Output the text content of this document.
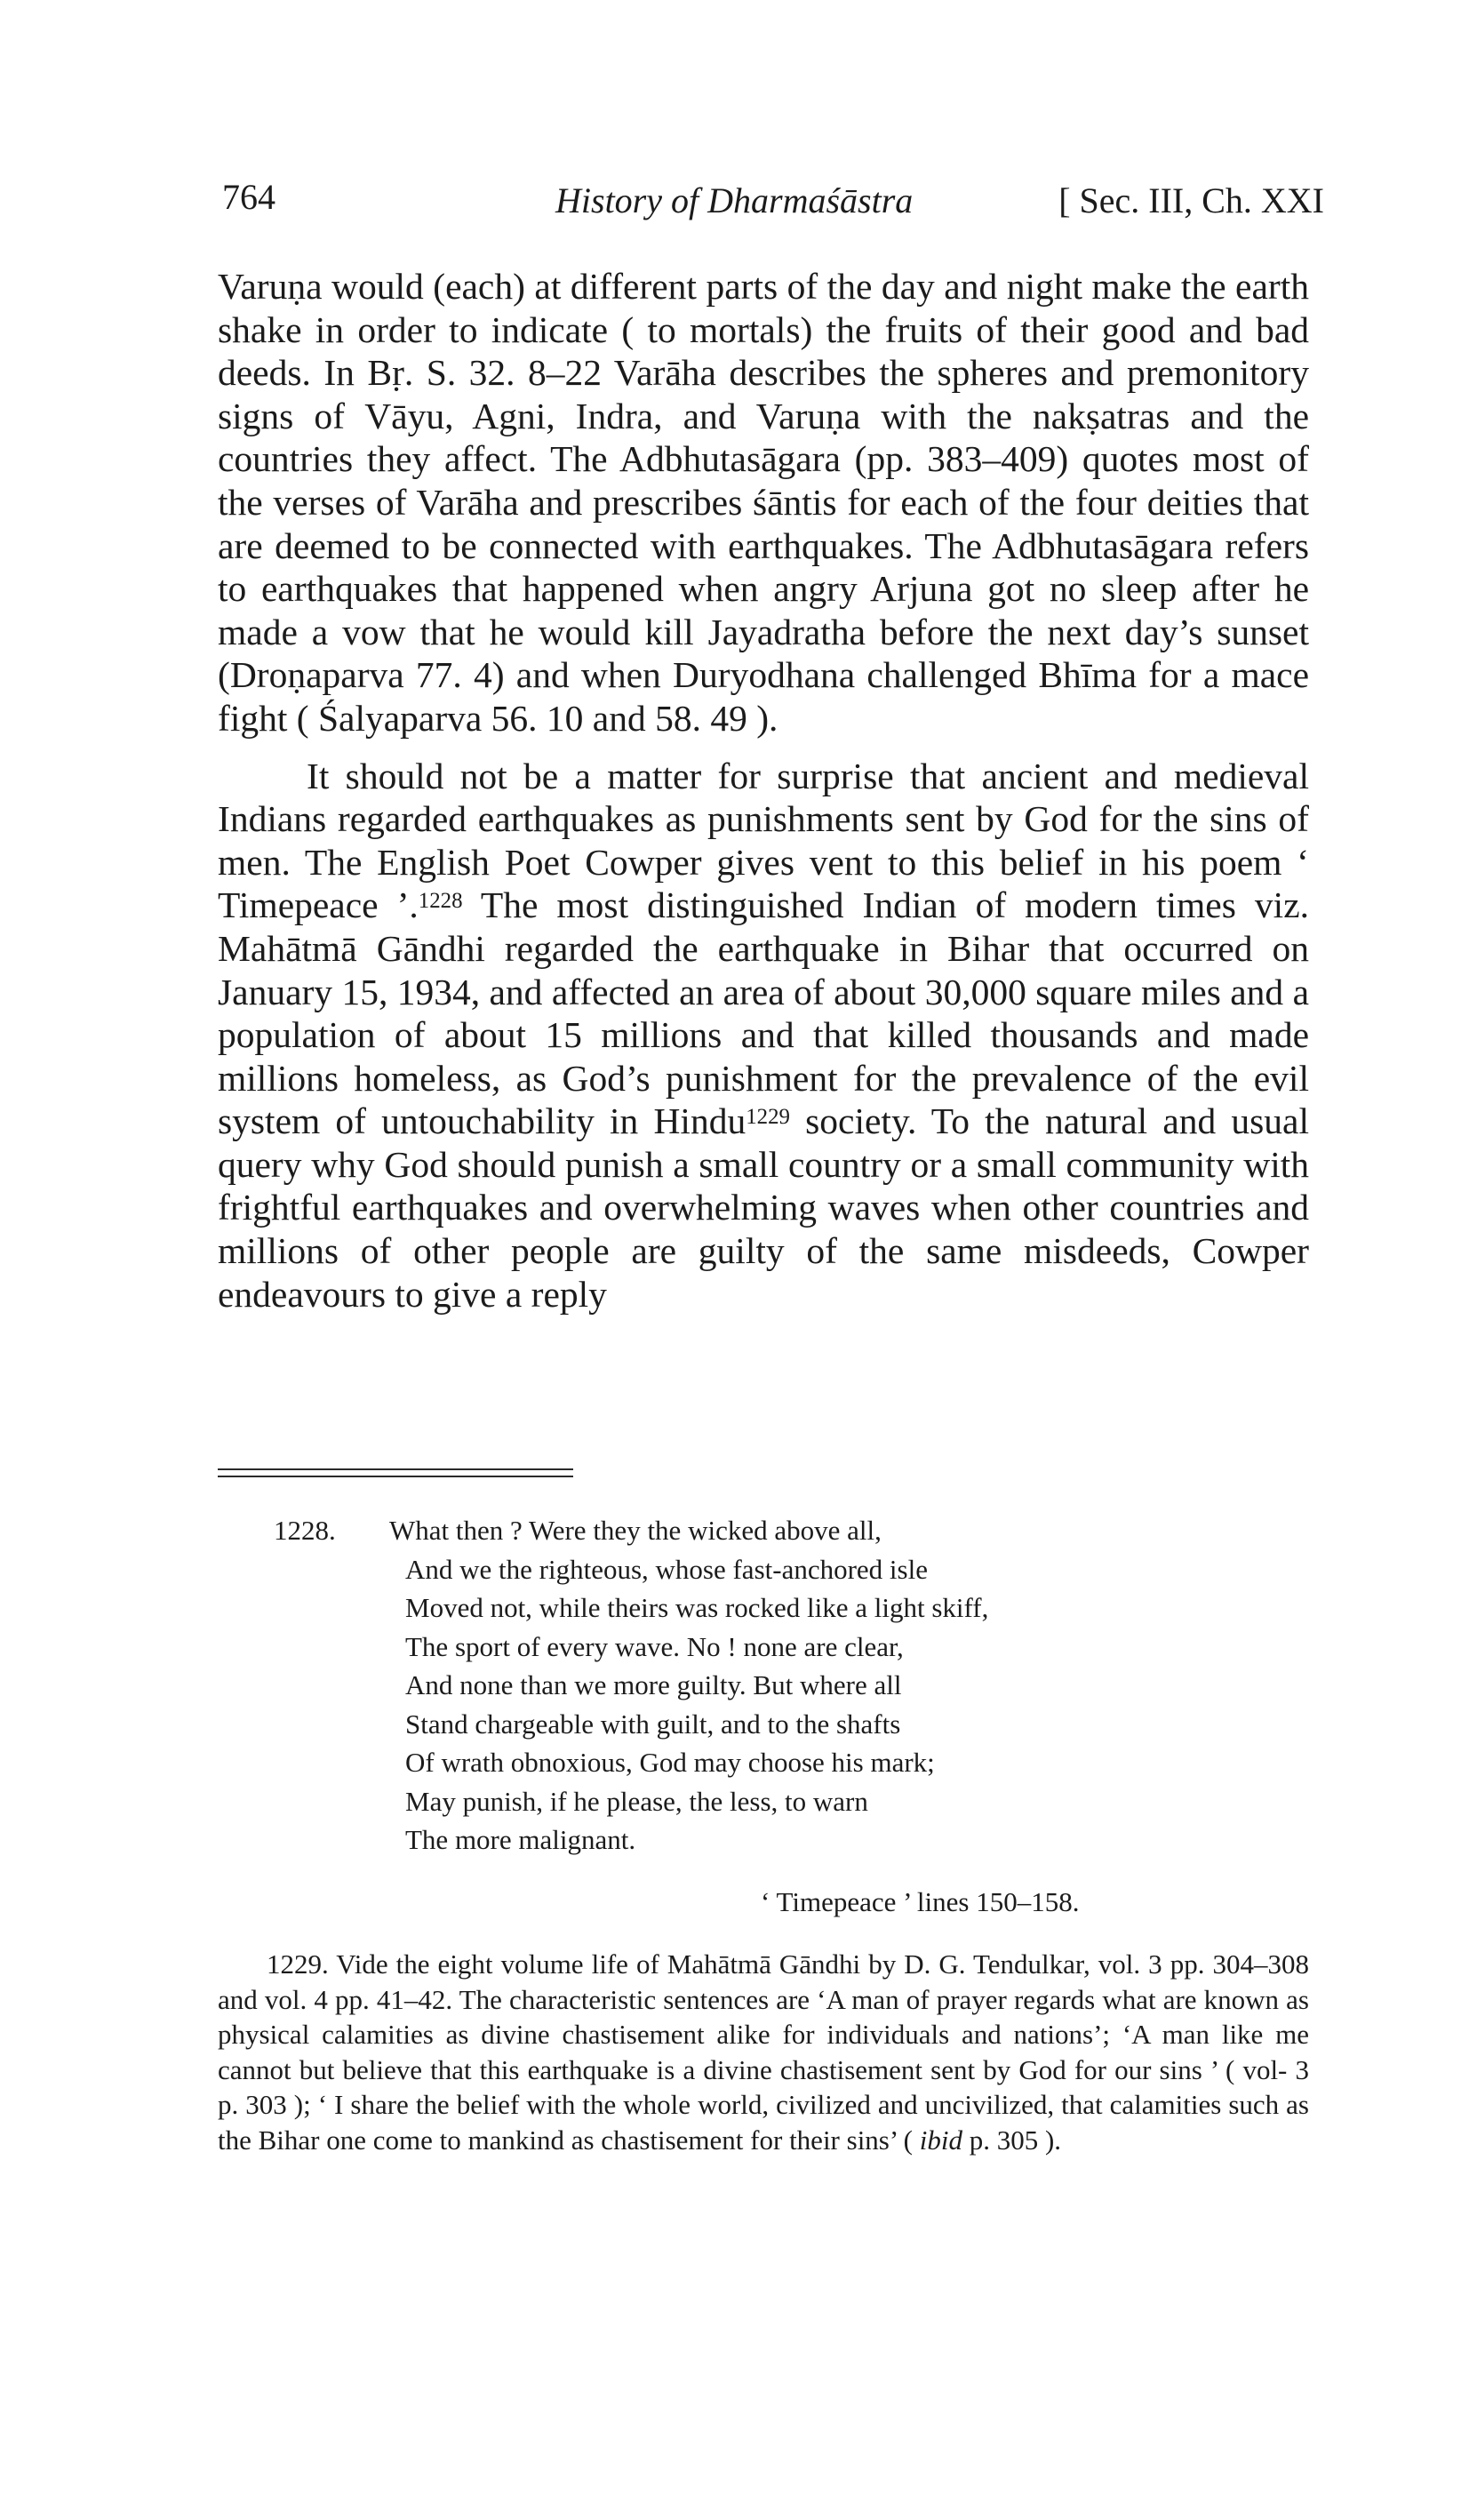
764	History of Dharmaśāstra	[ Sec. III, Ch. XXI

Varuṇa would (each) at different parts of the day and night make the earth shake in order to indicate ( to mortals) the fruits of their good and bad deeds. In Bṛ. S. 32. 8–22 Varāha describes the spheres and premonitory signs of Vāyu, Agni, Indra, and Varuṇa with the nakṣatras and the countries they affect. The Adbhutasāgara (pp. 383–409) quotes most of the verses of Varāha and prescribes śāntis for each of the four deities that are deemed to be connected with earthquakes. The Adbhutasāgara refers to earthquakes that happened when angry Arjuna got no sleep after he made a vow that he would kill Jayadratha before the next day’s sunset (Droṇaparva 77. 4) and when Duryodhana challenged Bhīma for a mace fight ( Śalyaparva 56. 10 and 58. 49 ).

It should not be a matter for surprise that ancient and medieval Indians regarded earthquakes as punishments sent by God for the sins of men. The English Poet Cowper gives vent to this belief in his poem ‘ Timepeace ’.$^{1228}$ The most distinguished Indian of modern times viz. Mahātmā Gāndhi regarded the earthquake in Bihar that occurred on January 15, 1934, and affected an area of about 30,000 square miles and a population of about 15 millions and that killed thousands and made millions homeless, as God’s punishment for the prevalence of the evil system of untouchability in Hindu$^{1229}$ society. To the natural and usual query why God should punish a small country or a small community with frightful earthquakes and overwhelming waves when other countries and millions of other people are guilty of the same misdeeds, Cowper endeavours to give a reply

1228. What then ? Were they the wicked above all,
And we the righteous, whose fast-anchored isle
Moved not, while theirs was rocked like a light skiff,
The sport of every wave. No ! none are clear,
And none than we more guilty. But where all
Stand chargeable with guilt, and to the shafts
Of wrath obnoxious, God may choose his mark;
May punish, if he please, the less, to warn
The more malignant.
‘ Timepeace ’ lines 150–158.

1229. Vide the eight volume life of Mahātmā Gāndhi by D. G. Tendulkar, vol. 3 pp. 304–308 and vol. 4 pp. 41–42. The characteristic sentences are ‘A man of prayer regards what are known as physical calamities as divine chastisement alike for individuals and nations’; ‘A man like me cannot but believe that this earthquake is a divine chastisement sent by God for our sins ’ ( vol- 3 p. 303 ); ‘ I share the belief with the whole world, civilized and uncivilized, that calamities such as the Bihar one come to mankind as chastisement for their sins’ ( ibid p. 305 ).
